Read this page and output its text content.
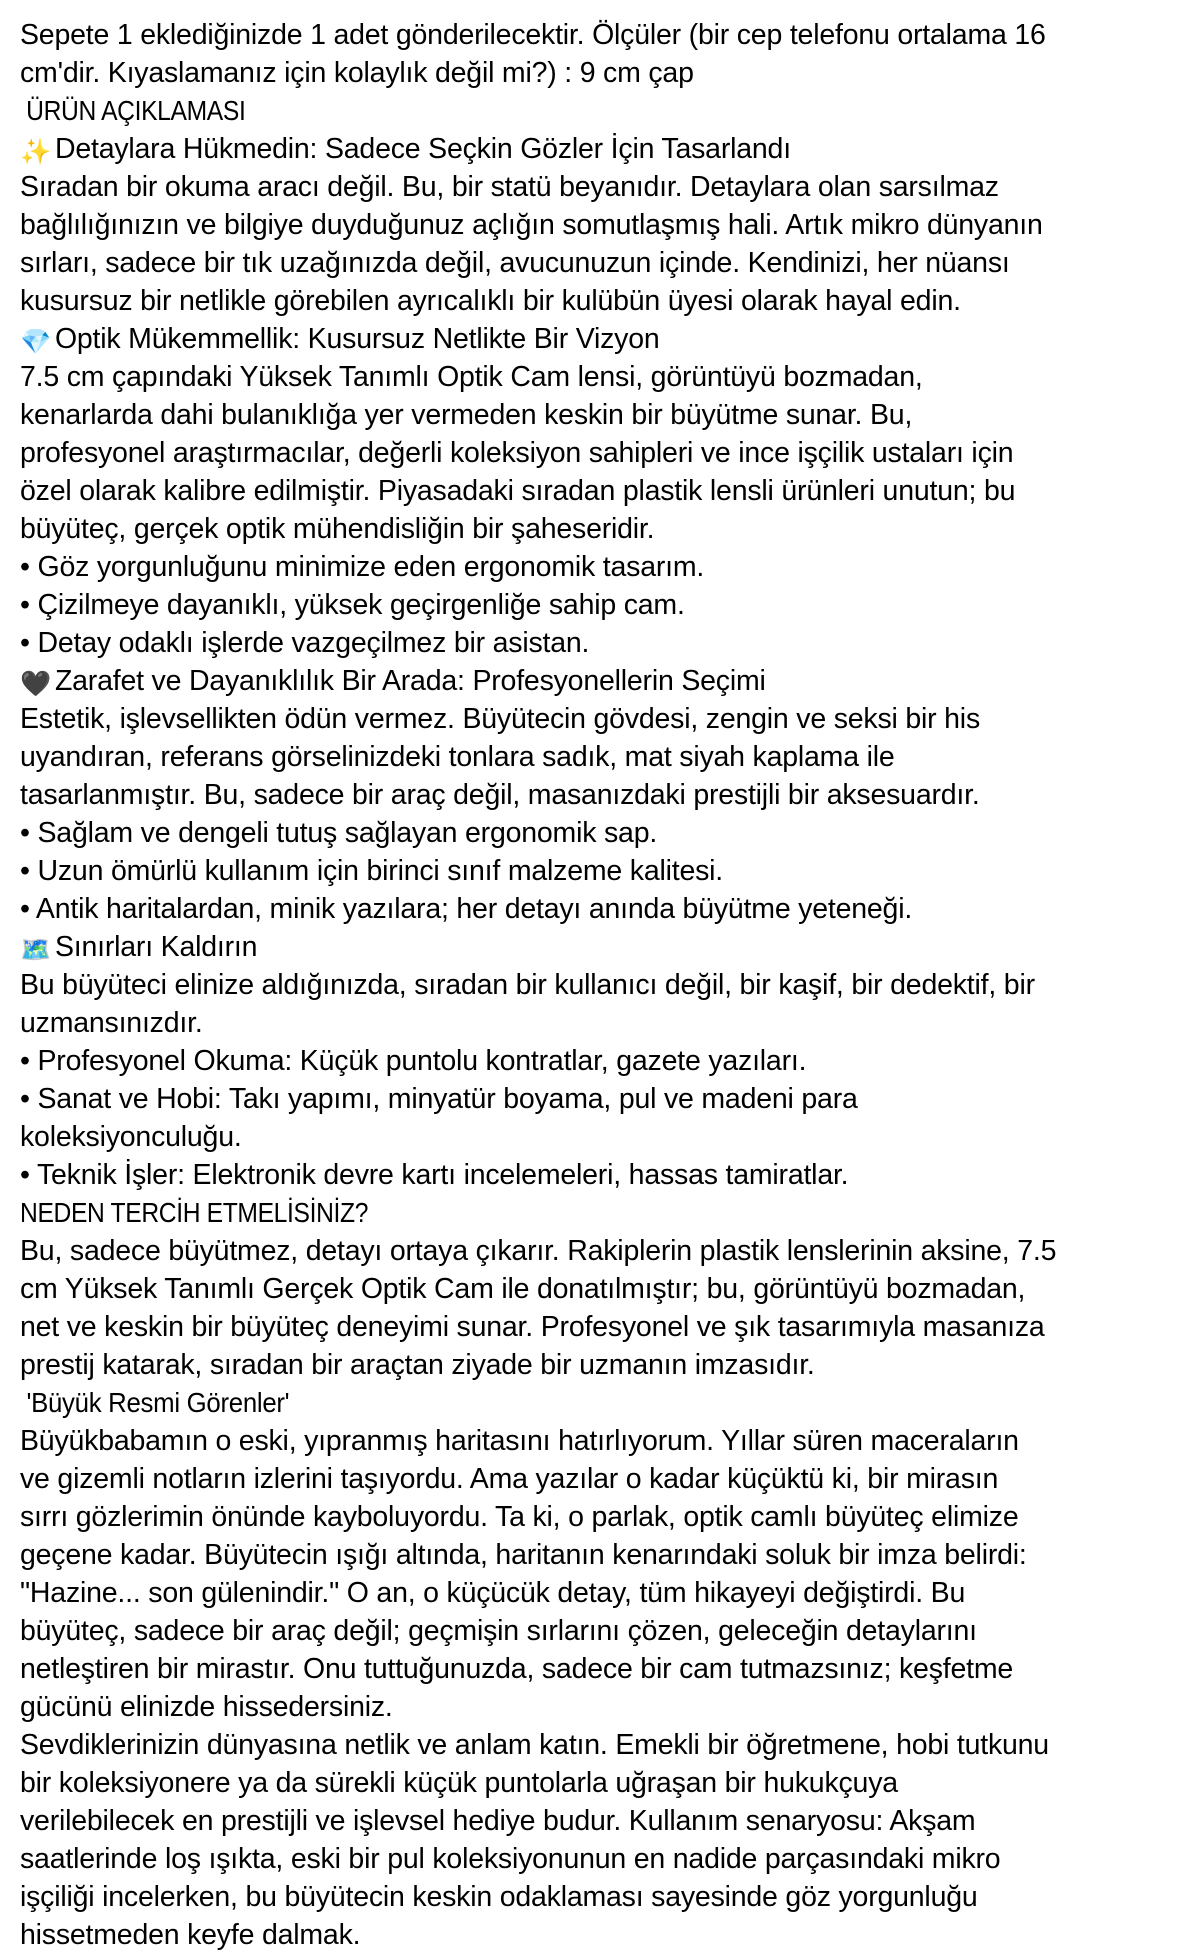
Sepete 1 eklediğinizde 1 adet gönderilecektir. Ölçüler (bir cep telefonu ortalama 16 cm'dir. Kıyaslamanız için kolaylık değil mi?) : 9 cm çap

ÜRÜN AÇIKLAMASI

✨ Detaylara Hükmedin: Sadece Seçkin Gözler İçin Tasarlandı

Sıradan bir okuma aracı değil. Bu, bir statü beyanıdır. Detaylara olan sarsılmaz bağlılığınızın ve bilgiye duyduğunuz açlığın somutlaşmış hali. Artık mikro dünyanın sırları, sadece bir tık uzağınızda değil, avucunuzun içinde. Kendinizi, her nüansı kusursuz bir netlikle görebilen ayrıcalıklı bir kulübün üyesi olarak hayal edin.

💎 Optik Mükemmellik: Kusursuz Netlikte Bir Vizyon

7.5 cm çapındaki Yüksek Tanımlı Optik Cam lensi, görüntüyü bozmadan, kenarlarda dahi bulanıklığa yer vermeden keskin bir büyütme sunar. Bu, profesyonel araştırmacılar, değerli koleksiyon sahipleri ve ince işçilik ustaları için özel olarak kalibre edilmiştir. Piyasadaki sıradan plastik lensli ürünleri unutun; bu büyüteç, gerçek optik mühendisliğin bir şaheseridir.

• Göz yorgunluğunu minimize eden ergonomik tasarım.

• Çizilmeye dayanıklı, yüksek geçirgenliğe sahip cam.

• Detay odaklı işlerde vazgeçilmez bir asistan.

🖤 Zarafet ve Dayanıklılık Bir Arada: Profesyonellerin Seçimi

Estetik, işlevsellikten ödün vermez. Büyütecin gövdesi, zengin ve seksi bir his uyandıran, referans görselinizdeki tonlara sadık, mat siyah kaplama ile tasarlanmıştır. Bu, sadece bir araç değil, masanızdaki prestijli bir aksesuardır.

• Sağlam ve dengeli tutuş sağlayan ergonomik sap.

• Uzun ömürlü kullanım için birinci sınıf malzeme kalitesi.

• Antik haritalardan, minik yazılara; her detayı anında büyütme yeteneği.

🗺️ Sınırları Kaldırın

Bu büyüteci elinize aldığınızda, sıradan bir kullanıcı değil, bir kaşif, bir dedektif, bir uzmansınızdır.

• Profesyonel Okuma: Küçük puntolu kontratlar, gazete yazıları.

• Sanat ve Hobi: Takı yapımı, minyatür boyama, pul ve madeni para koleksiyonculuğu.

• Teknik İşler: Elektronik devre kartı incelemeleri, hassas tamiratlar.

NEDEN TERCİH ETMELİSİNİZ?

Bu, sadece büyütmez, detayı ortaya çıkarır. Rakiplerin plastik lenslerinin aksine, 7.5 cm Yüksek Tanımlı Gerçek Optik Cam ile donatılmıştır; bu, görüntüyü bozmadan, net ve keskin bir büyüteç deneyimi sunar. Profesyonel ve şık tasarımıyla masanıza prestij katarak, sıradan bir araçtan ziyade bir uzmanın imzasıdır.

'Büyük Resmi Görenler'

Büyükbabamın o eski, yıpranmış haritasını hatırlıyorum. Yıllar süren maceraların ve gizemli notların izlerini taşıyordu. Ama yazılar o kadar küçüktü ki, bir mirasın sırrı gözlerimin önünde kayboluyordu. Ta ki, o parlak, optik camlı büyüteç elimize geçene kadar. Büyütecin ışığı altında, haritanın kenarındaki soluk bir imza belirdi: "Hazine... son gülenindir." O an, o küçücük detay, tüm hikayeyi değiştirdi. Bu büyüteç, sadece bir araç değil; geçmişin sırlarını çözen, geleceğin detaylarını netleştiren bir mirastır. Onu tuttuğunuzda, sadece bir cam tutmazsınız; keşfetme gücünü elinizde hissedersiniz.

Sevdiklerinizin dünyasına netlik ve anlam katın. Emekli bir öğretmene, hobi tutkunu bir koleksiyonere ya da sürekli küçük puntolarla uğraşan bir hukukçuya verilebilecek en prestijli ve işlevsel hediye budur. Kullanım senaryosu: Akşam saatlerinde loş ışıkta, eski bir pul koleksiyonunun en nadide parçasındaki mikro işçiliği incelerken, bu büyütecin keskin odaklaması sayesinde göz yorgunluğu hissetmeden keyfe dalmak.
